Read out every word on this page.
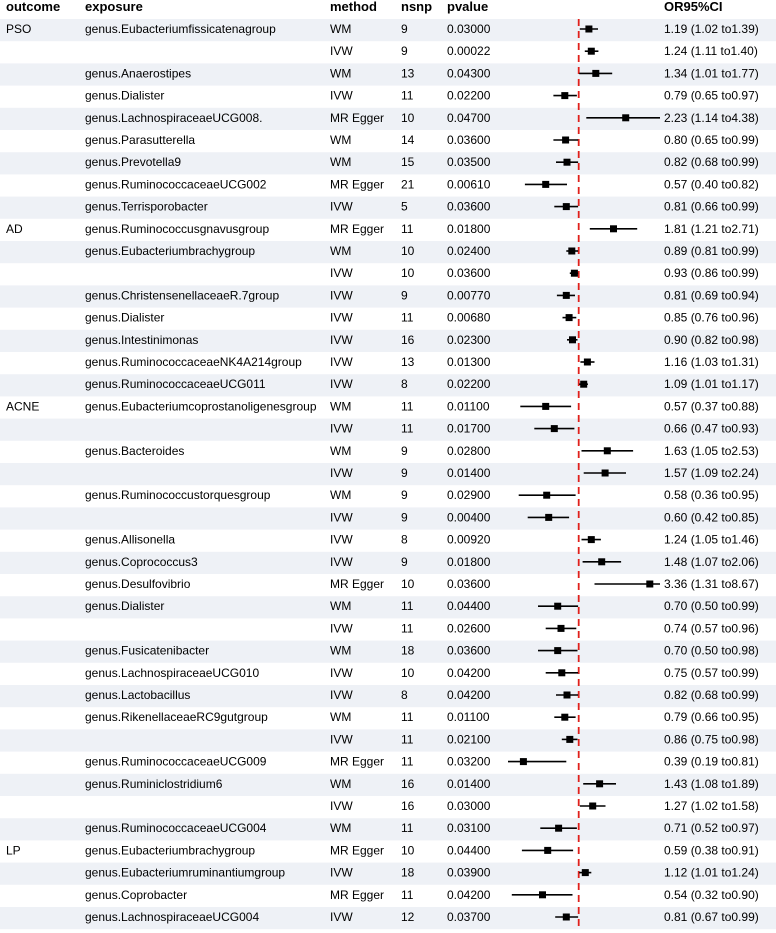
outcome exposure	method nsnp pvalue	OR95%CI
PSO	genus.Eubacteriumfissicatenagroup	WM	9	0.03000	1.19 (1.02 to1.39)
IVW	9	0.00022	1.24 (1.11 to1.40)
genus.Anaerostipes	WM	13	0.04300	1.34 (1.01 to1.77)
genus.Dialister	IVW	11	0.02200	0.79 (0.65 to0.97)
genus.LachnospiraceaeUCG008.	MR Egger 10	0.04700	2.23 (1.14 to4.38)
genus.Parasutterella	WM	14	0.03600	0.80 (0.65 to0.99)
genus.Prevotella9	WM	15	0.03500	0.82 (0.68 to0.99)
genus.RuminococcaceaeUCG002	MR Egger 21	0.00610	0.57 (0.40 to0.82)
genus.Terrisporobacter	IVW	5	0.03600	0.81 (0.66 to0.99)
AD	genus.Ruminococcusgnavusgroup	MR Egger 11	0.01800	1.81 (1.21 to2.71)
genus.Eubacteriumbrachygroup	WM	10	0.02400	0.89 (0.81 to0.99)
IVW	10	0.03600	0.93 (0.86 to0.99)
genus.ChristensenellaceaeR.7group	IVW	9	0.00770	0.81 (0.69 to0.94)
genus.Dialister	IVW	11	0.00680	0.85 (0.76 to0.96)
genus.Intestinimonas	IVW	16	0.02300	0.90 (0.82 to0.98)
genus.RuminococcaceaeNK4A214group IVW	13	0.01300	1.16 (1.03 to1.31)
genus.RuminococcaceaeUCG011	IVW	8	0.02200	1.09 (1.01 to1.17)
ACNE	genus.Eubacteriumcoprostanoligenesgroup WM	11	0.01100	0.57 (0.37 to0.88)
IVW	11	0.01700	0.66 (0.47 to0.93)
genus.Bacteroides	WM	9	0.02800	1.63 (1.05 to2.53)
IVW	9	0.01400	1.57 (1.09 to2.24)
genus.Ruminococcustorquesgroup	WM	9	0.02900	0.58 (0.36 to0.95)
IVW	9	0.00400	0.60 (0.42 to0.85)
genus.Allisonella	IVW	8	0.00920	1.24 (1.05 to1.46)
genus.Coprococcus3	IVW	9	0.01800	1.48 (1.07 to2.06)
genus.Desulfovibrio	MR Egger 10	0.03600	3.36 (1.31 to8.67)
genus.Dialister	WM	11	0.04400	0.70 (0.50 to0.99)
IVW	11	0.02600	0.74 (0.57 to0.96)
genus.Fusicatenibacter	WM	18	0.03600	0.70 (0.50 to0.98)
genus.LachnospiraceaeUCG010	IVW	10	0.04200	0.75 (0.57 to0.99)
genus.Lactobacillus	IVW	8	0.04200	0.82 (0.68 to0.99)
genus.RikenellaceaeRC9gutgroup	WM	11	0.01100	0.79 (0.66 to0.95)
IVW	11	0.02100	0.86 (0.75 to0.98)
genus.RuminococcaceaeUCG009	MR Egger 11	0.03200	0.39 (0.19 to0.81)
genus.Ruminiclostridium6	WM	16	0.01400	1.43 (1.08 to1.89)
IVW	16	0.03000	1.27 (1.02 to1.58)
genus.RuminococcaceaeUCG004	WM	11	0.03100	0.71 (0.52 to0.97)
LP	genus.Eubacteriumbrachygroup	MR Egger 10	0.04400	0.59 (0.38 to0.91)
genus.Eubacteriumruminantiumgroup	IVW	18	0.03900	1.12 (1.01 to1.24)
genus.Coprobacter	MR Egger 11	0.04200	0.54 (0.32 to0.90)
genus.LachnospiraceaeUCG004	IVW	12	0.03700	0.81 (0.67 to0.99)
